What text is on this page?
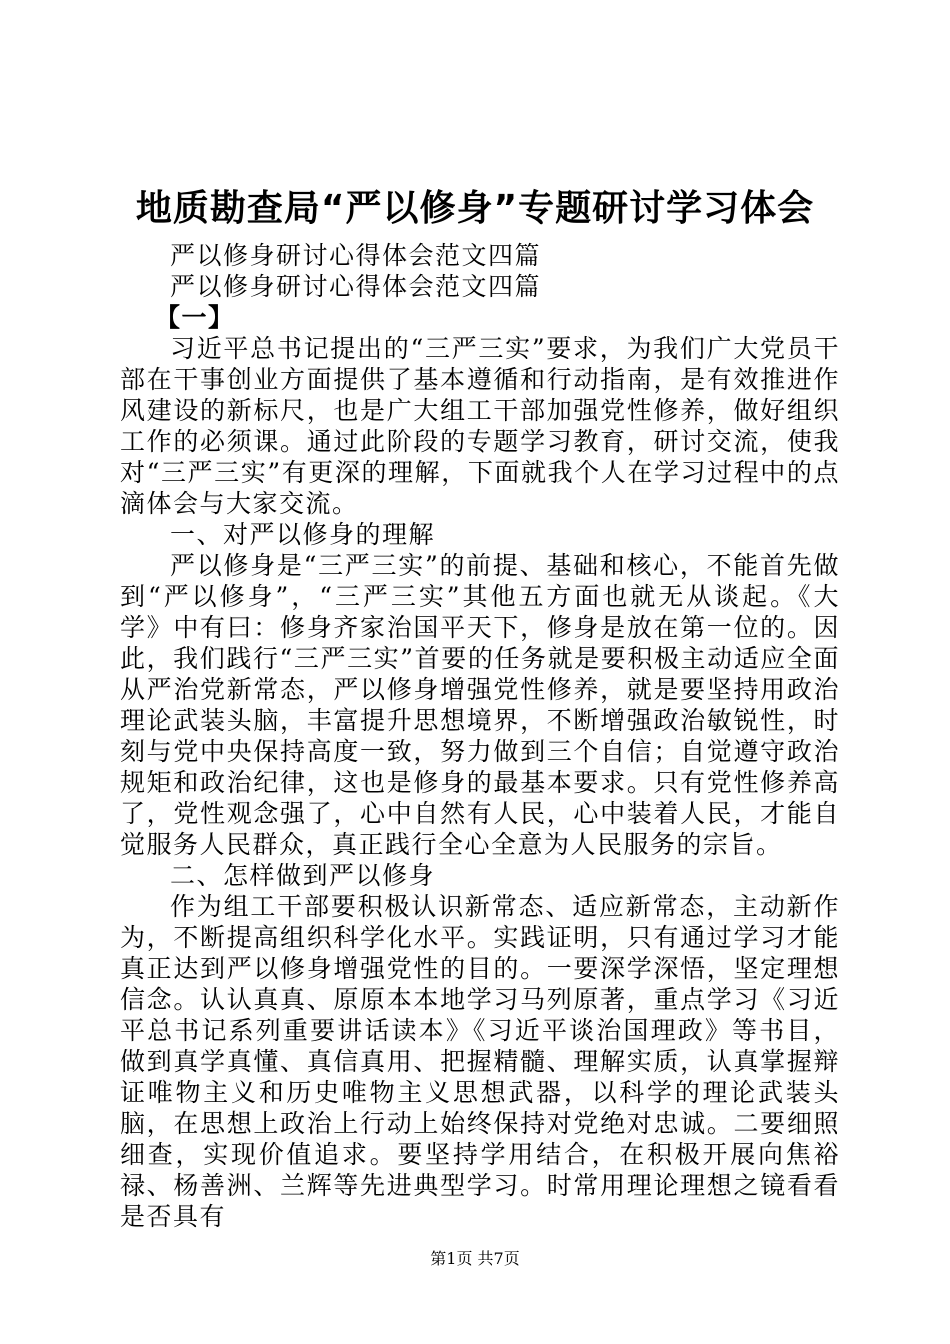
地质勘查局“严以修身”专题研讨学习体会

严以修身研讨心得体会范文四篇

严以修身研讨心得体会范文四篇

【一】

习近平总书记提出的“三严三实”要求，为我们广大党员干部在干事创业方面提供了基本遵循和行动指南，是有效推进作风建设的新标尺，也是广大组工干部加强党性修养，做好组织工作的必须课。通过此阶段的专题学习教育，研讨交流，使我对“三严三实”有更深的理解，下面就我个人在学习过程中的点滴体会与大家交流。

一、对严以修身的理解

严以修身是“三严三实”的前提、基础和核心，不能首先做到“严以修身”，“三严三实”其他五方面也就无从谈起。《大学》中有曰：修身齐家治国平天下，修身是放在第一位的。因此，我们践行“三严三实”首要的任务就是要积极主动适应全面从严治党新常态，严以修身增强党性修养，就是要坚持用政治理论武装头脑，丰富提升思想境界，不断增强政治敏锐性，时刻与党中央保持高度一致，努力做到三个自信；自觉遵守政治规矩和政治纪律，这也是修身的最基本要求。只有党性修养高了，党性观念强了，心中自然有人民，心中装着人民，才能自觉服务人民群众，真正践行全心全意为人民服务的宗旨。

二、怎样做到严以修身

作为组工干部要积极认识新常态、适应新常态，主动新作为，不断提高组织科学化水平。实践证明，只有通过学习才能真正达到严以修身增强党性的目的。一要深学深悟，坚定理想信念。认认真真、原原本本地学习马列原著，重点学习《习近平总书记系列重要讲话读本》《习近平谈治国理政》等书目，做到真学真懂、真信真用、把握精髓、理解实质，认真掌握辩证唯物主义和历史唯物主义思想武器，以科学的理论武装头脑，在思想上政治上行动上始终保持对党绝对忠诚。二要细照细查，实现价值追求。要坚持学用结合，在积极开展向焦裕禄、杨善洲、兰辉等先进典型学习。时常用理论理想之镜看看是否具有

第1页 共7页
